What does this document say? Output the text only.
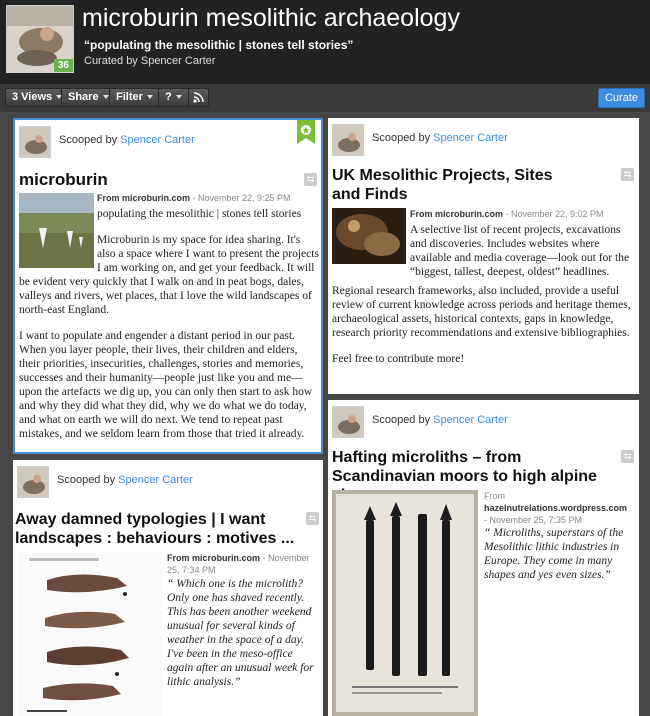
36
microburin mesolithic archaeology
“populating the mesolithic | stones tell stories”
Curated by Spencer Carter
3 Views	Share	Filter	?	Curate
Scooped by Spencer Carter
microburin	⇆
From microburin.com - November 22, 9:25 PM
populating the mesolithic | stones tell stories

Microburin is my space for idea sharing. It's also a space where I want to present the projects I am working on, and get your feedback. It will be evident very quickly that I walk on and in peat bogs, dales, valleys and rivers, wet places, that I love the wild landscapes of north-east England.

I want to populate and engender a distant period in our past. When you layer people, their lives, their children and elders, their priorities, insecurities, challenges, stories and memories, successes and their humanity—people just like you and me—upon the artefacts we dig up, you can only then start to ask how and why they did what they did, why we do what we do today, and what on earth we will do next. We tend to repeat past mistakes, and we seldom learn from those that tried it already.

Scooped by Spencer Carter
UK Mesolithic Projects, Sites and Finds
⇆
From microburin.com - November 22, 9:02 PM
A selective list of recent projects, excavations and discoveries. Includes websites where available and media coverage—look out for the “biggest, tallest, deepest, oldest” headlines.

Regional research frameworks, also included, provide a useful review of current knowledge across periods and heritage themes, archaeological assets, historical contexts, gaps in knowledge, research priority recommendations and extensive bibliographies.

Feel free to contribute more!

Scooped by Spencer Carter
Away damned typologies | I want landscapes : behaviours : motives ...
⇆
From microburin.com - November 25, 7:34 PM
“ Which one is the microlith? Only one has shaved recently. This has been another weekend unusual for several kinds of weather in the space of a day. I've been in the meso-office again after an unusual week for lithic analysis.”
Scooped by Spencer Carter
Hafting microliths – from Scandinavian moors to high alpine
⇆
From
hazelnutrelations.wordpress.com
- November 25, 7:35 PM
“ Microliths, superstars of the Mesolithic lithic industries in Europe. They come in many shapes and yes even sizes.”
